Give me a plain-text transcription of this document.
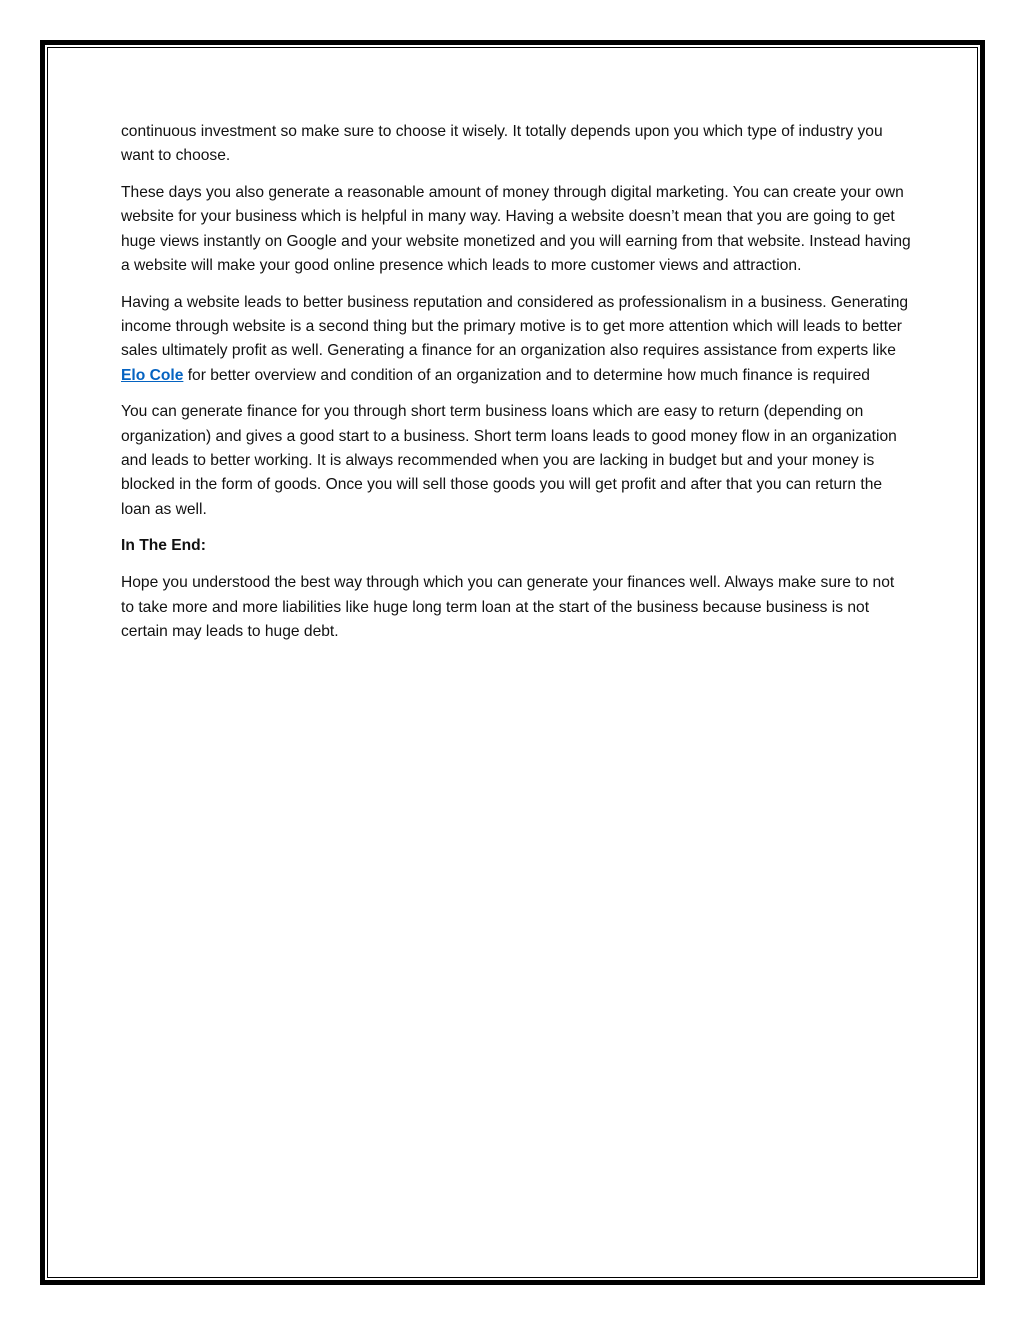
continuous investment so make sure to choose it wisely. It totally depends upon you which type of industry you want to choose.

These days you also generate a reasonable amount of money through digital marketing. You can create your own website for your business which is helpful in many way. Having a website doesn’t mean that you are going to get huge views instantly on Google and your website monetized and you will earning from that website. Instead having a website will make your good online presence which leads to more customer views and attraction.

Having a website leads to better business reputation and considered as professionalism in a business. Generating income through website is a second thing but the primary motive is to get more attention which will leads to better sales ultimately profit as well. Generating a finance for an organization also requires assistance from experts like Elo Cole for better overview and condition of an organization and to determine how much finance is required

You can generate finance for you through short term business loans which are easy to return (depending on organization) and gives a good start to a business. Short term loans leads to good money flow in an organization and leads to better working. It is always recommended when you are lacking in budget but and your money is blocked in the form of goods. Once you will sell those goods you will get profit and after that you can return the loan as well.

In The End:

Hope you understood the best way through which you can generate your finances well. Always make sure to not to take more and more liabilities like huge long term loan at the start of the business because business is not certain may leads to huge debt.
